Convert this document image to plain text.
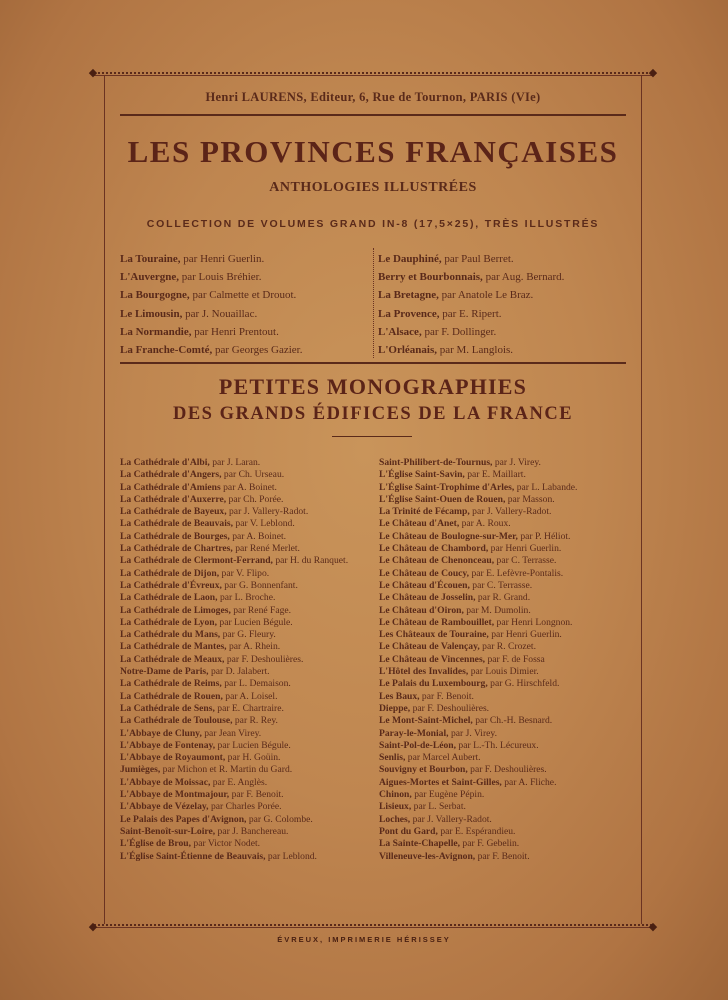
◆	◆
◆	◆
Henri LAURENS, Editeur, 6, Rue de Tournon, PARIS (VIe)
LES PROVINCES FRANÇAISES
ANTHOLOGIES ILLUSTRÉES
COLLECTION DE VOLUMES GRAND IN-8 (17,5×25), TRÈS ILLUSTRÉS
La Touraine, par Henri Guerlin.
L'Auvergne, par Louis Bréhier.
La Bourgogne, par Calmette et Drouot.
Le Limousin, par J. Nouaillac.
La Normandie, par Henri Prentout.
La Franche-Comté, par Georges Gazier.
Le Dauphiné, par Paul Berret.
Berry et Bourbonnais, par Aug. Bernard.
La Bretagne, par Anatole Le Braz.
La Provence, par E. Ripert.
L'Alsace, par F. Dollinger.
L'Orléanais, par M. Langlois.
PETITES MONOGRAPHIES
DES GRANDS ÉDIFICES DE LA FRANCE
La Cathédrale d'Albi, par J. Laran.
La Cathédrale d'Angers, par Ch. Urseau.
La Cathédrale d'Amiens par A. Boinet.
La Cathédrale d'Auxerre, par Ch. Porée.
La Cathédrale de Bayeux, par J. Vallery-Radot.
La Cathédrale de Beauvais, par V. Leblond.
La Cathédrale de Bourges, par A. Boinet.
La Cathédrale de Chartres, par René Merlet.
La Cathédrale de Clermont-Ferrand, par H. du Ranquet.
La Cathédrale de Dijon, par V. Flipo.
La Cathédrale d'Évreux, par G. Bonnenfant.
La Cathédrale de Laon, par L. Broche.
La Cathédrale de Limoges, par René Fage.
La Cathédrale de Lyon, par Lucien Bégule.
La Cathédrale du Mans, par G. Fleury.
La Cathédrale de Mantes, par A. Rhein.
La Cathédrale de Meaux, par F. Deshoulières.
Notre-Dame de Paris, par D. Jalabert.
La Cathédrale de Reims, par L. Demaison.
La Cathédrale de Rouen, par A. Loisel.
La Cathédrale de Sens, par E. Chartraire.
La Cathédrale de Toulouse, par R. Rey.
L'Abbaye de Cluny, par Jean Virey.
L'Abbaye de Fontenay, par Lucien Bégule.
L'Abbaye de Royaumont, par H. Goüin.
Jumièges, par Michon et R. Martin du Gard.
L'Abbaye de Moissac, par E. Anglès.
L'Abbaye de Montmajour, par F. Benoit.
L'Abbaye de Vézelay, par Charles Porée.
Le Palais des Papes d'Avignon, par G. Colombe.
Saint-Benoît-sur-Loire, par J. Banchereau.
L'Église de Brou, par Victor Nodet.
L'Église Saint-Étienne de Beauvais, par Leblond.
Saint-Philibert-de-Tournus, par J. Virey.
L'Église Saint-Savin, par E. Maillart.
L'Église Saint-Trophime d'Arles, par L. Labande.
L'Église Saint-Ouen de Rouen, par Masson.
La Trinité de Fécamp, par J. Vallery-Radot.
Le Château d'Anet, par A. Roux.
Le Château de Boulogne-sur-Mer, par P. Héliot.
Le Château de Chambord, par Henri Guerlin.
Le Château de Chenonceau, par C. Terrasse.
Le Château de Coucy, par E. Lefèvre-Pontalis.
Le Château d'Écouen, par C. Terrasse.
Le Château de Josselin, par R. Grand.
Le Château d'Oiron, par M. Dumolin.
Le Château de Rambouillet, par Henri Longnon.
Les Châteaux de Touraine, par Henri Guerlin.
Le Château de Valençay, par R. Crozet.
Le Château de Vincennes, par F. de Fossa
L'Hôtel des Invalides, par Louis Dimier.
Le Palais du Luxembourg, par G. Hirschfeld.
Les Baux, par F. Benoit.
Dieppe, par F. Deshoulières.
Le Mont-Saint-Michel, par Ch.-H. Besnard.
Paray-le-Monial, par J. Virey.
Saint-Pol-de-Léon, par L.-Th. Lécureux.
Senlis, par Marcel Aubert.
Souvigny et Bourbon, par F. Deshoulières.
Aigues-Mortes et Saint-Gilles, par A. Fliche.
Chinon, par Eugène Pépin.
Lisieux, par L. Serbat.
Loches, par J. Vallery-Radot.
Pont du Gard, par E. Espérandieu.
La Sainte-Chapelle, par F. Gebelin.
Villeneuve-les-Avignon, par F. Benoit.
ÉVREUX, IMPRIMERIE HÉRISSEY
